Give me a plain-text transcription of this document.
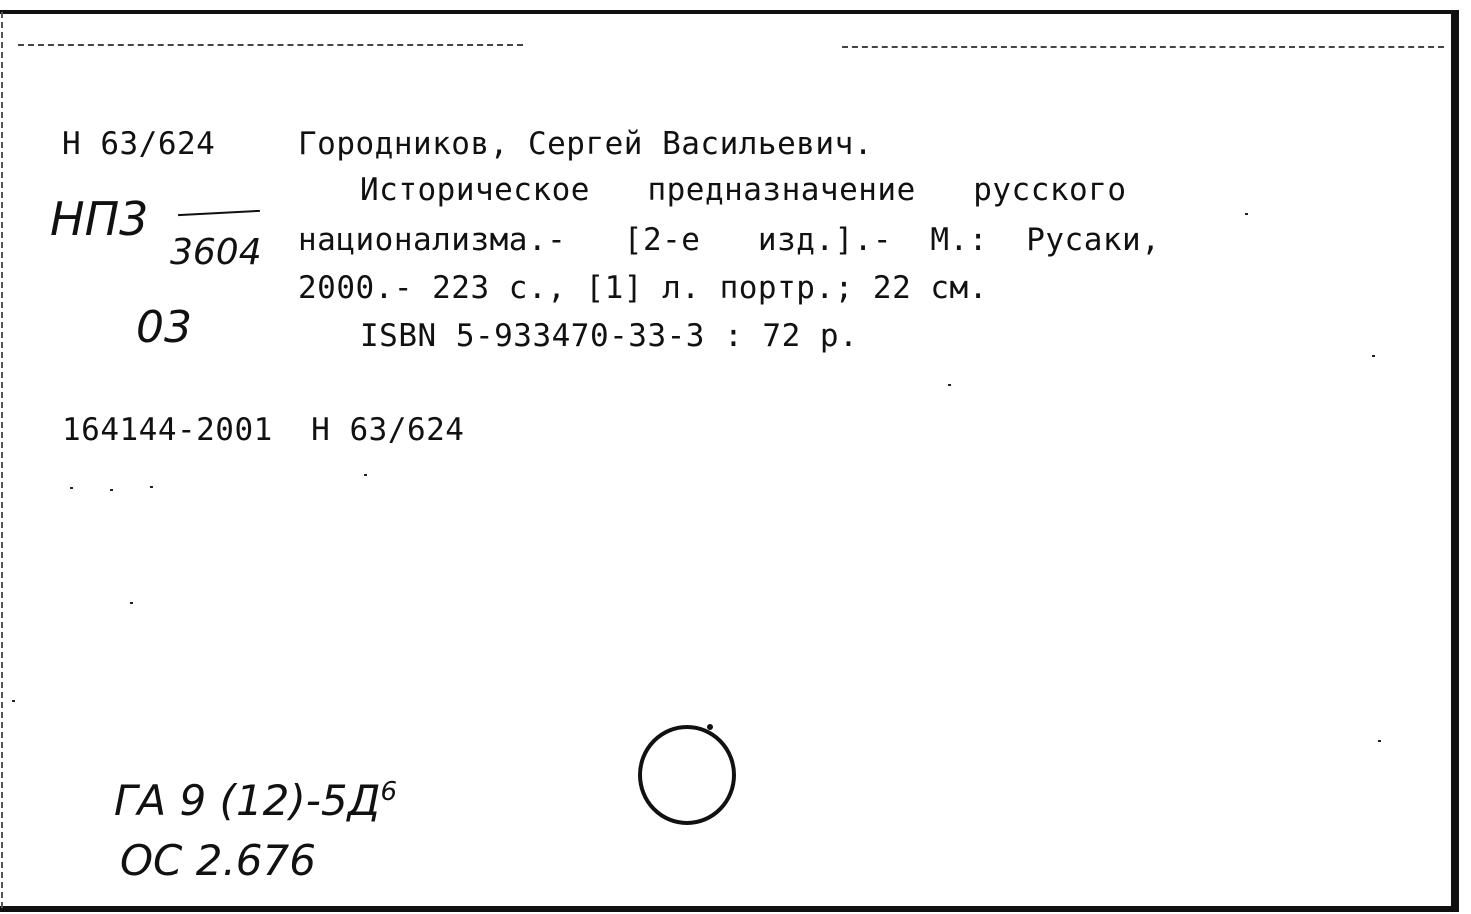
Н 63/624	Городников, Сергей Васильевич.
Историческое   предназначение   русского
национализма.-   [2-е   изд.].-  М.:  Русаки,
2000.- 223 с., [1] л. портр.; 22 см.
ISBN 5-933470-33-3 : 72 р.
164144-2001  Н 63/624
НП3
3604
03
ГА 9 $(12)-5Д^6$
ОС 2.676
